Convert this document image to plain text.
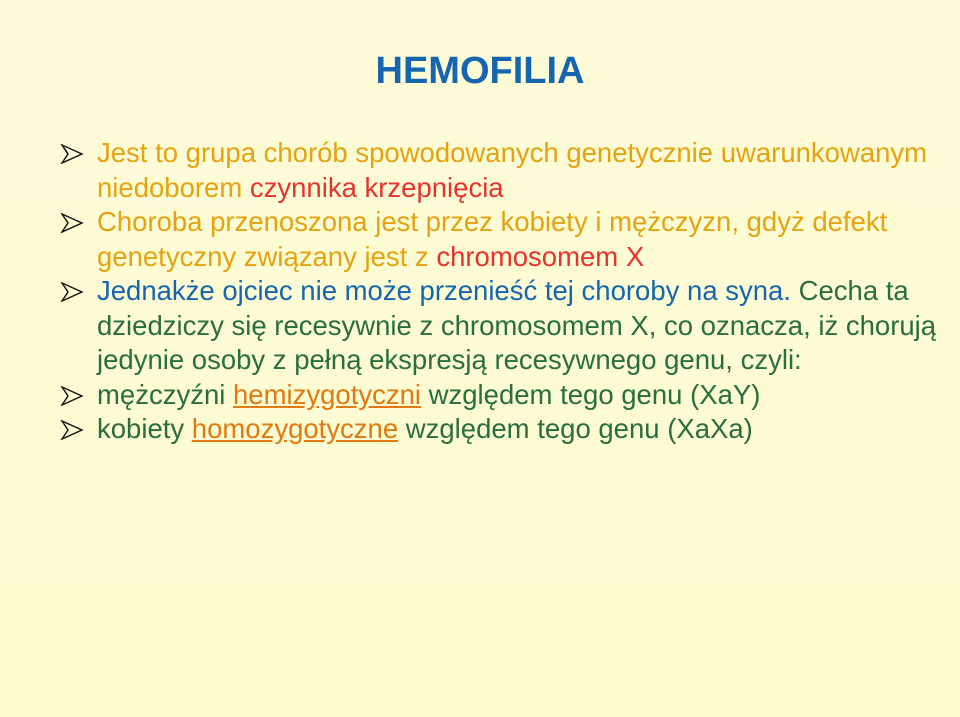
HEMOFILIA
Jest to grupa chorób spowodowanych genetycznie uwarunkowanym niedoborem czynnika krzepnięcia
Choroba przenoszona jest przez kobiety i mężczyzn, gdyż defekt genetyczny związany jest z chromosomem X
Jednakże ojciec nie może przenieść tej choroby na syna. Cecha ta dziedziczy się recesywnie z chromosomem X, co oznacza, iż chorują jedynie osoby z pełną ekspresją recesywnego genu, czyli:
mężczyźni hemizygotyczni względem tego genu (XaY)
kobiety homozygotyczne względem tego genu (XaXa)
